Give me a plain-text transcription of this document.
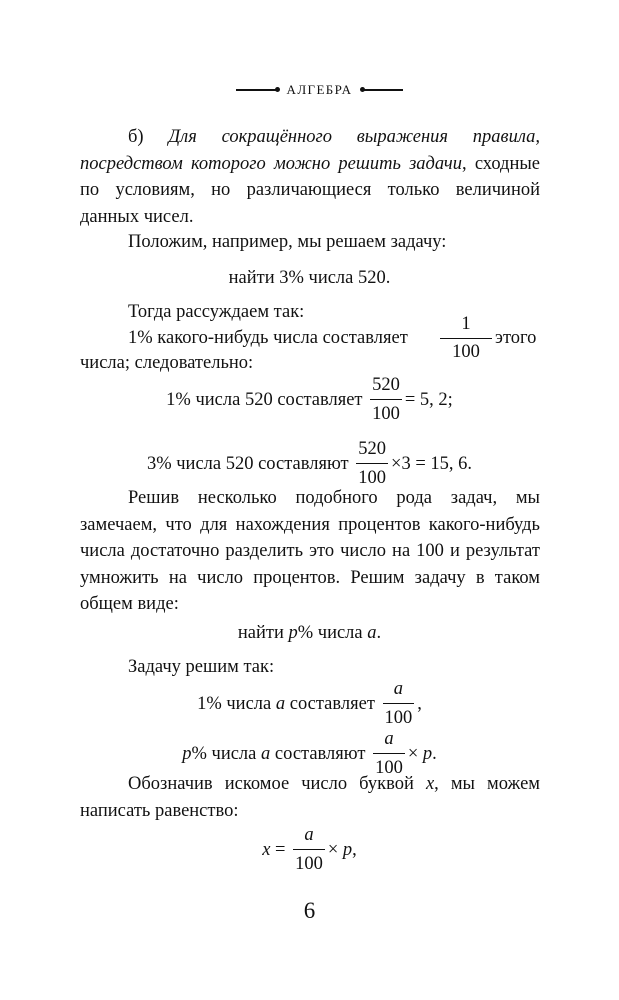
АЛГЕБРА

б) Для сокращённого выражения правила, посредством которого можно решить задачи, сходные по условиям, но различающиеся только величиной данных чисел.

Положим, например, мы решаем задачу:

найти 3% числа 520.

Тогда рассуждаем так:

1% какого-нибудь числа составляет $\frac{1}{100}$ этого
числа; следовательно:
1% числа 520 составляет $\frac{520}{100} = 5$, 2;
3% числа 520 составляют $\frac{520}{100} \times 3 = 15$, 6.

Решив несколько подобного рода задач, мы замечаем, что для нахождения процентов какого-нибудь числа достаточно разделить это число на 100 и результат умножить на число процентов. Решим задачу в таком общем виде:

найти p% числа a.

Задачу решим так:

1% числа a составляет $\frac{a}{100}$ ,
p% числа a составляют $\frac{a}{100} \times p$.

Обозначив искомое число буквой x, мы можем написать равенство:

$x = \frac{a}{100} \times p$,
6
